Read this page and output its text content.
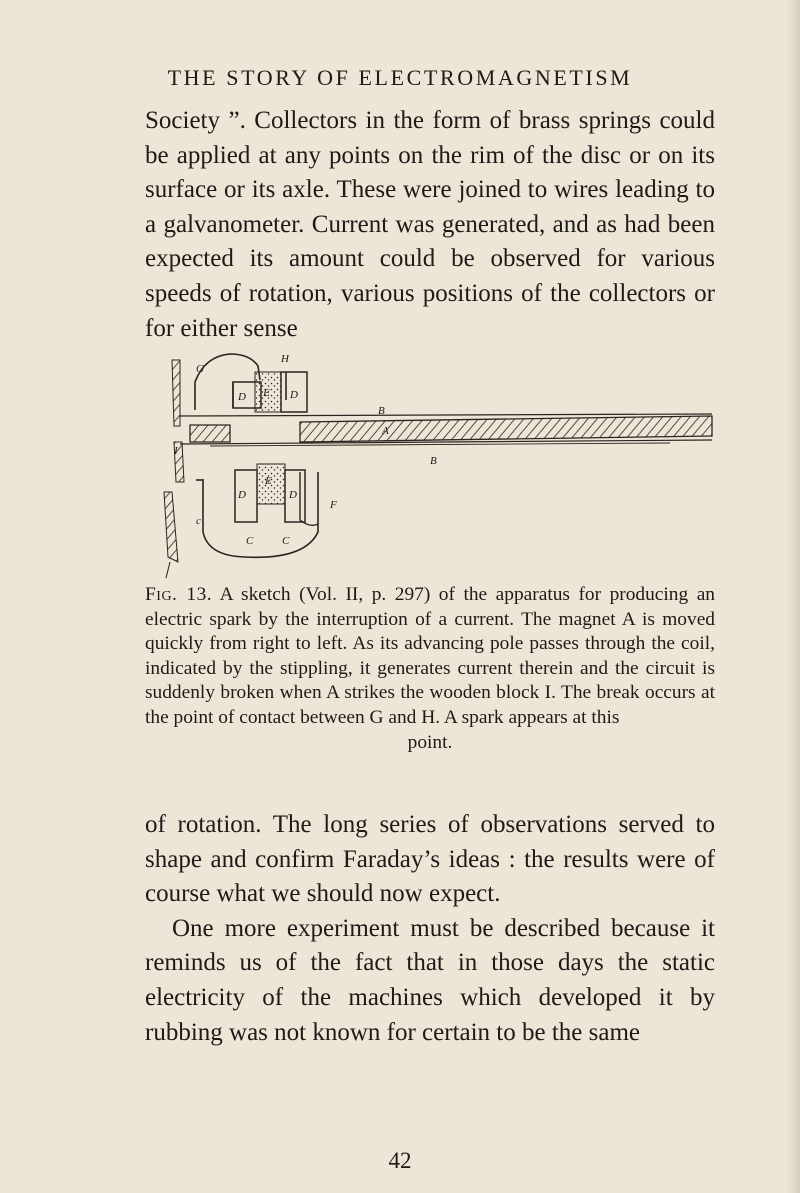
THE STORY OF ELECTROMAGNETISM

Society ”. Collectors in the form of brass springs could be applied at any points on the rim of the disc or on its surface or its axle. These were joined to wires leading to a galvanometer. Current was generated, and as had been expected its amount could be observed for various speeds of rotation, various positions of the collectors or for either sense

G
H
D E D
B
A
I
B
D
E
D
F
c
C	C

Fig. 13. A sketch (Vol. II, p. 297) of the apparatus for producing an electric spark by the interruption of a current. The magnet A is moved quickly from right to left. As its advancing pole passes through the coil, indicated by the stippling, it generates current therein and the circuit is suddenly broken when A strikes the wooden block I. The break occurs at the point of contact between G and H. A spark appears at this
point.

of rotation. The long series of observations served to shape and confirm Faraday’s ideas : the results were of course what we should now expect.

One more experiment must be described because it reminds us of the fact that in those days the static electricity of the machines which developed it by rubbing was not known for certain to be the same

42
